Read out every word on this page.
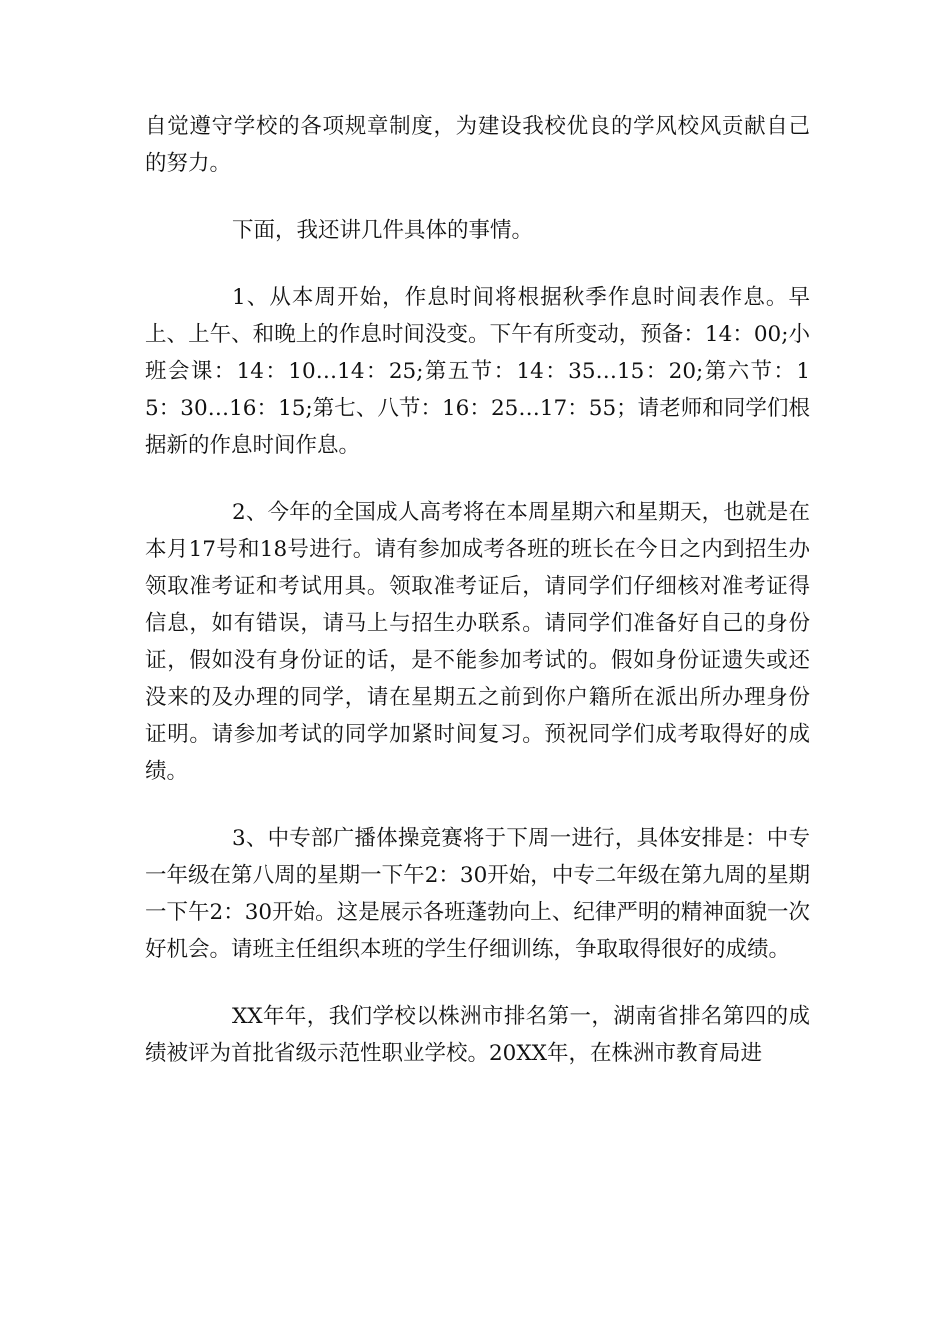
自觉遵守学校的各项规章制度，为建设我校优良的学风校风贡献自己的努力。

下面，我还讲几件具体的事情。

1、从本周开始，作息时间将根据秋季作息时间表作息。早上、上午、和晚上的作息时间没变。下午有所变动，预备：14：00;小班会课：14：10…14：25;第五节：14：35…15：20;第六节：15：30…16：15;第七、八节：16：25…17：55；请老师和同学们根据新的作息时间作息。

2、今年的全国成人高考将在本周星期六和星期天，也就是在本月17号和18号进行。请有参加成考各班的班长在今日之内到招生办领取准考证和考试用具。领取准考证后，请同学们仔细核对准考证得信息，如有错误，请马上与招生办联系。请同学们准备好自己的身份证，假如没有身份证的话，是不能参加考试的。假如身份证遗失或还没来的及办理的同学，请在星期五之前到你户籍所在派出所办理身份证明。请参加考试的同学加紧时间复习。预祝同学们成考取得好的成绩。

3、中专部广播体操竞赛将于下周一进行，具体安排是：中专一年级在第八周的星期一下午2：30开始，中专二年级在第九周的星期一下午2：30开始。这是展示各班蓬勃向上、纪律严明的精神面貌一次好机会。请班主任组织本班的学生仔细训练，争取取得很好的成绩。

XX年年，我们学校以株洲市排名第一，湖南省排名第四的成绩被评为首批省级示范性职业学校。20XX年，在株洲市教育局进
